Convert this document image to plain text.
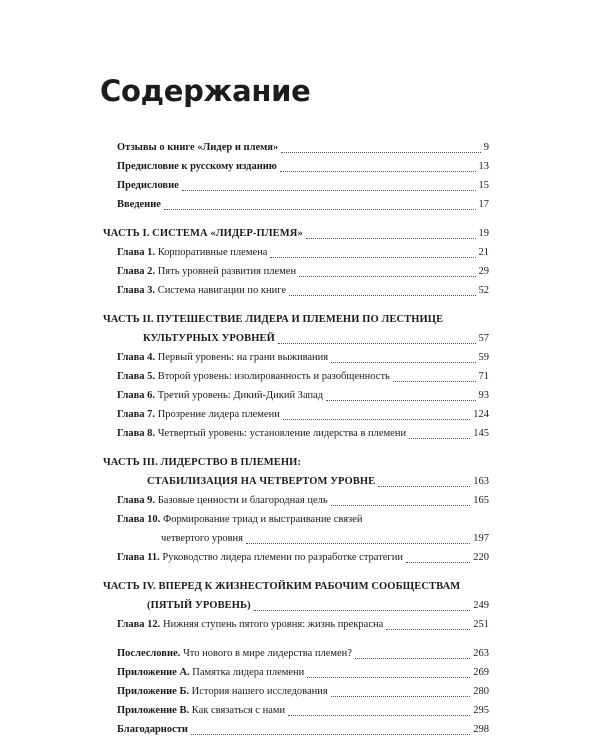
Содержание
Отзывы о книге «Лидер и племя»	9
Предисловие к русскому изданию	13
Предисловие	15
Введение	17
ЧАСТЬ I. СИСТЕМА «ЛИДЕР-ПЛЕМЯ»	19
Глава 1. Корпоративные племена	21
Глава 2. Пять уровней развития племен	29
Глава 3. Система навигации по книге	52
ЧАСТЬ II. ПУТЕШЕСТВИЕ ЛИДЕРА И ПЛЕМЕНИ ПО ЛЕСТНИЦЕ
КУЛЬТУРНЫХ УРОВНЕЙ	57
Глава 4. Первый уровень: на грани выживания	59
Глава 5. Второй уровень: изолированность и разобщенность	71
Глава 6. Третий уровень: Дикий-Дикий Запад	93
Глава 7. Прозрение лидера племени	124
Глава 8. Четвертый уровень: установление лидерства в племени	145
ЧАСТЬ III. ЛИДЕРСТВО В ПЛЕМЕНИ:
СТАБИЛИЗАЦИЯ НА ЧЕТВЕРТОМ УРОВНЕ	163
Глава 9. Базовые ценности и благородная цель	165
Глава 10. Формирование триад и выстраивание связей
четвертого уровня	197
Глава 11. Руководство лидера племени по разработке стратегии	220
ЧАСТЬ IV. ВПЕРЕД К ЖИЗНЕСТОЙКИМ РАБОЧИМ СООБЩЕСТВАМ
(ПЯТЫЙ УРОВЕНЬ)	249
Глава 12. Нижняя ступень пятого уровня: жизнь прекрасна	251
Послесловие. Что нового в мире лидерства племен?	263
Приложение А. Памятка лидера племени	269
Приложение Б. История нашего исследования	280
Приложение В. Как связаться с нами	295
Благодарности	298
